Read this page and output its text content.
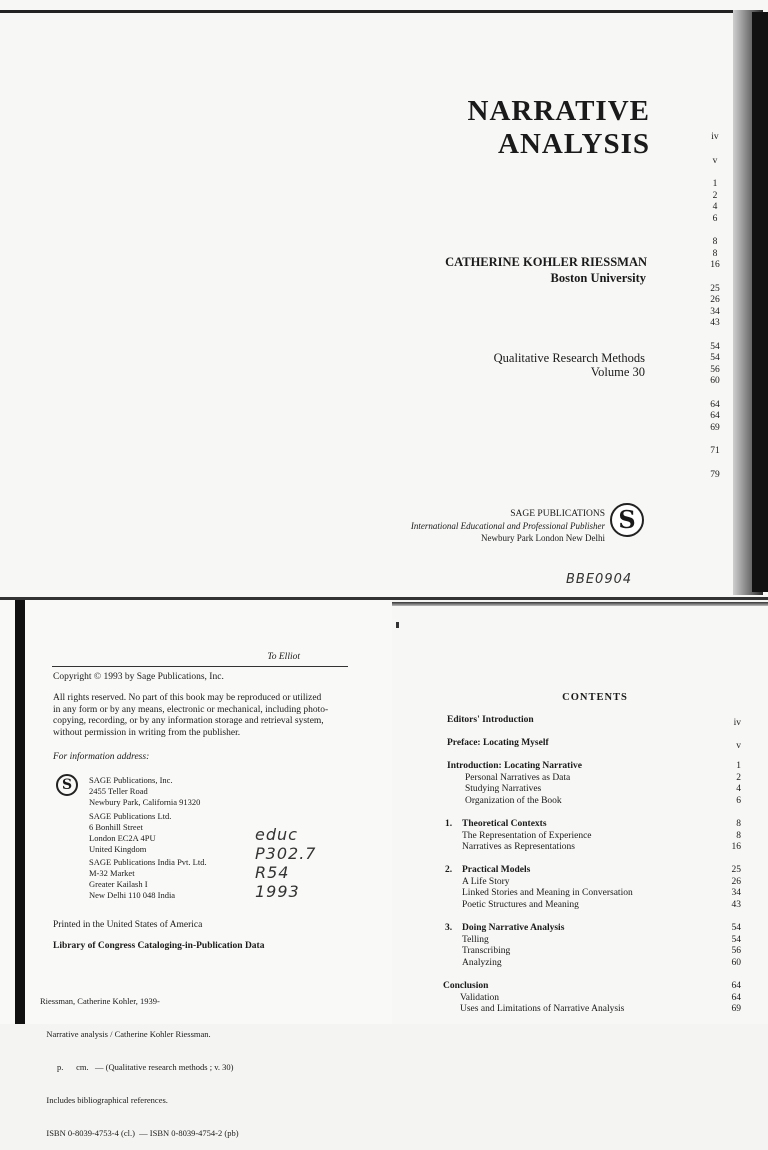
NARRATIVE
ANALYSIS
CATHERINE KOHLER RIESSMAN
Boston University
Qualitative Research Methods
Volume 30
SAGE PUBLICATIONS
International Educational and Professional Publisher
Newbury Park London New Delhi
S
BBE0904
iv
v
1
2
4
6
8
8
16
25
26
34
43
54
54
56
60
64
64
69
71
79
To Elliot
Copyright © 1993 by Sage Publications, Inc.
All rights reserved. No part of this book may be reproduced or utilized
in any form or by any means, electronic or mechanical, including photo-
copying, recording, or by any information storage and retrieval system,
without permission in writing from the publisher.
For information address:
S	SAGE Publications, Inc.
2455 Teller Road
Newbury Park, California 91320
SAGE Publications Ltd.
6 Bonhill Street
London EC2A 4PU
United Kingdom
SAGE Publications India Pvt. Ltd.
M-32 Market
Greater Kailash I
New Delhi 110 048 India
educ
P302.7
R54
1993
Printed in the United States of America
Library of Congress Cataloging-in-Publication Data

Riessman, Catherine Kohler, 1939-

Narrative analysis / Catherine Kohler Riessman.

p.      cm.   — (Qualitative research methods ; v. 30)

Includes bibliographical references.

ISBN 0-8039-4753-4 (cl.)  — ISBN 0-8039-4754-2 (pb)

CONTENTS
Editors' Introduction	iv
Preface: Locating Myself	v
Introduction: Locating Narrative	1
Personal Narratives as Data	2
Studying Narratives	4
Organization of the Book	6
1. Theoretical Contexts	8
The Representation of Experience	8
Narratives as Representations	16
2. Practical Models	25
A Life Story	26
Linked Stories and Meaning in Conversation	34
Poetic Structures and Meaning	43
3. Doing Narrative Analysis	54
Telling	54
Transcribing	56
Analyzing	60
Conclusion	64
Validation	64
Uses and Limitations of Narrative Analysis	69
